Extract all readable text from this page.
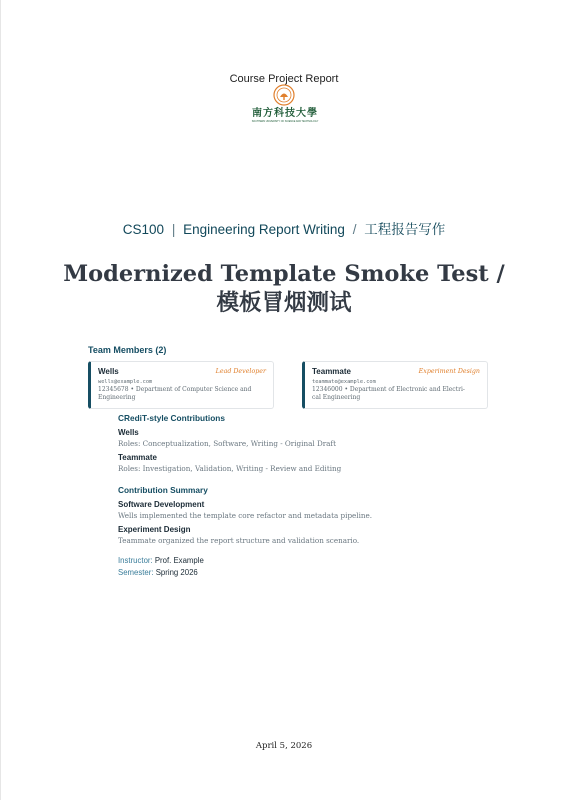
Course Project Report
南方科技大學
SOUTHERN UNIVERSITY OF SCIENCE AND TECHNOLOGY
CS100 | Engineering Report Writing / 工程报告写作
Modernized Template Smoke Test /
模板冒烟测试
Team Members (2)
Wells	Lead Developer
wells@example.com
12345678 • Department of Computer Science and
Engineering
Teammate	Experiment Design
teammate@example.com
12346000 • Department of Electronic and Electri-
cal Engineering
CRediT-style Contributions
Wells
Roles: Conceptualization, Software, Writing - Original Draft
Teammate
Roles: Investigation, Validation, Writing - Review and Editing
Contribution Summary
Software Development
Wells implemented the template core refactor and metadata pipeline.
Experiment Design
Teammate organized the report structure and validation scenario.
Instructor: Prof. Example
Semester: Spring 2026
April 5, 2026
